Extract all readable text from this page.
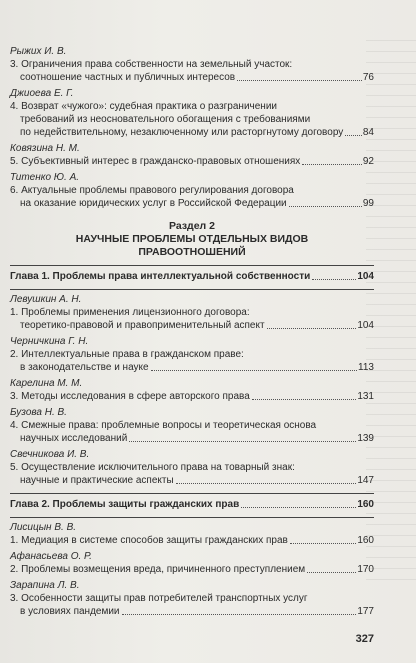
Рыжих И. В.
3. Ограничения права собственности на земельный участок:
соотношение частных и публичных интересов	76
Джиоева Е. Г.
4. Возврат «чужого»: судебная практика о разграничении
требований из неосновательного обогащения с требованиями
по недействительному, незаключенному или расторгнутому договору 84
Ковязина Н. М.
5. Субъективный интерес в гражданско-правовых отношениях	92
Титенко Ю. А.
6. Актуальные проблемы правового регулирования договора
на оказание юридических услуг в Российской Федерации	99
Раздел 2
НАУЧНЫЕ ПРОБЛЕМЫ ОТДЕЛЬНЫХ ВИДОВ
ПРАВООТНОШЕНИЙ
Глава 1. Проблемы права интеллектуальной собственности	104
Левушкин А. Н.
1. Проблемы применения лицензионного договора:
теоретико-правовой и правоприменительный аспект	104
Черничкина Г. Н.
2. Интеллектуальные права в гражданском праве:
в законодательстве и науке	113
Карелина М. М.
3. Методы исследования в сфере авторского права	131
Бузова Н. В.
4. Смежные права: проблемные вопросы и теоретическая основа
научных исследований	139
Свечникова И. В.
5. Осуществление исключительного права на товарный знак:
научные и практические аспекты	147
Глава 2. Проблемы защиты гражданских прав	160
Лисицын В. В.
1. Медиация в системе способов защиты гражданских прав	160
Афанасьева О. Р.
2. Проблемы возмещения вреда, причиненного преступлением	170
Зарапина Л. В.
3. Особенности защиты прав потребителей транспортных услуг
в условиях пандемии	177
327
